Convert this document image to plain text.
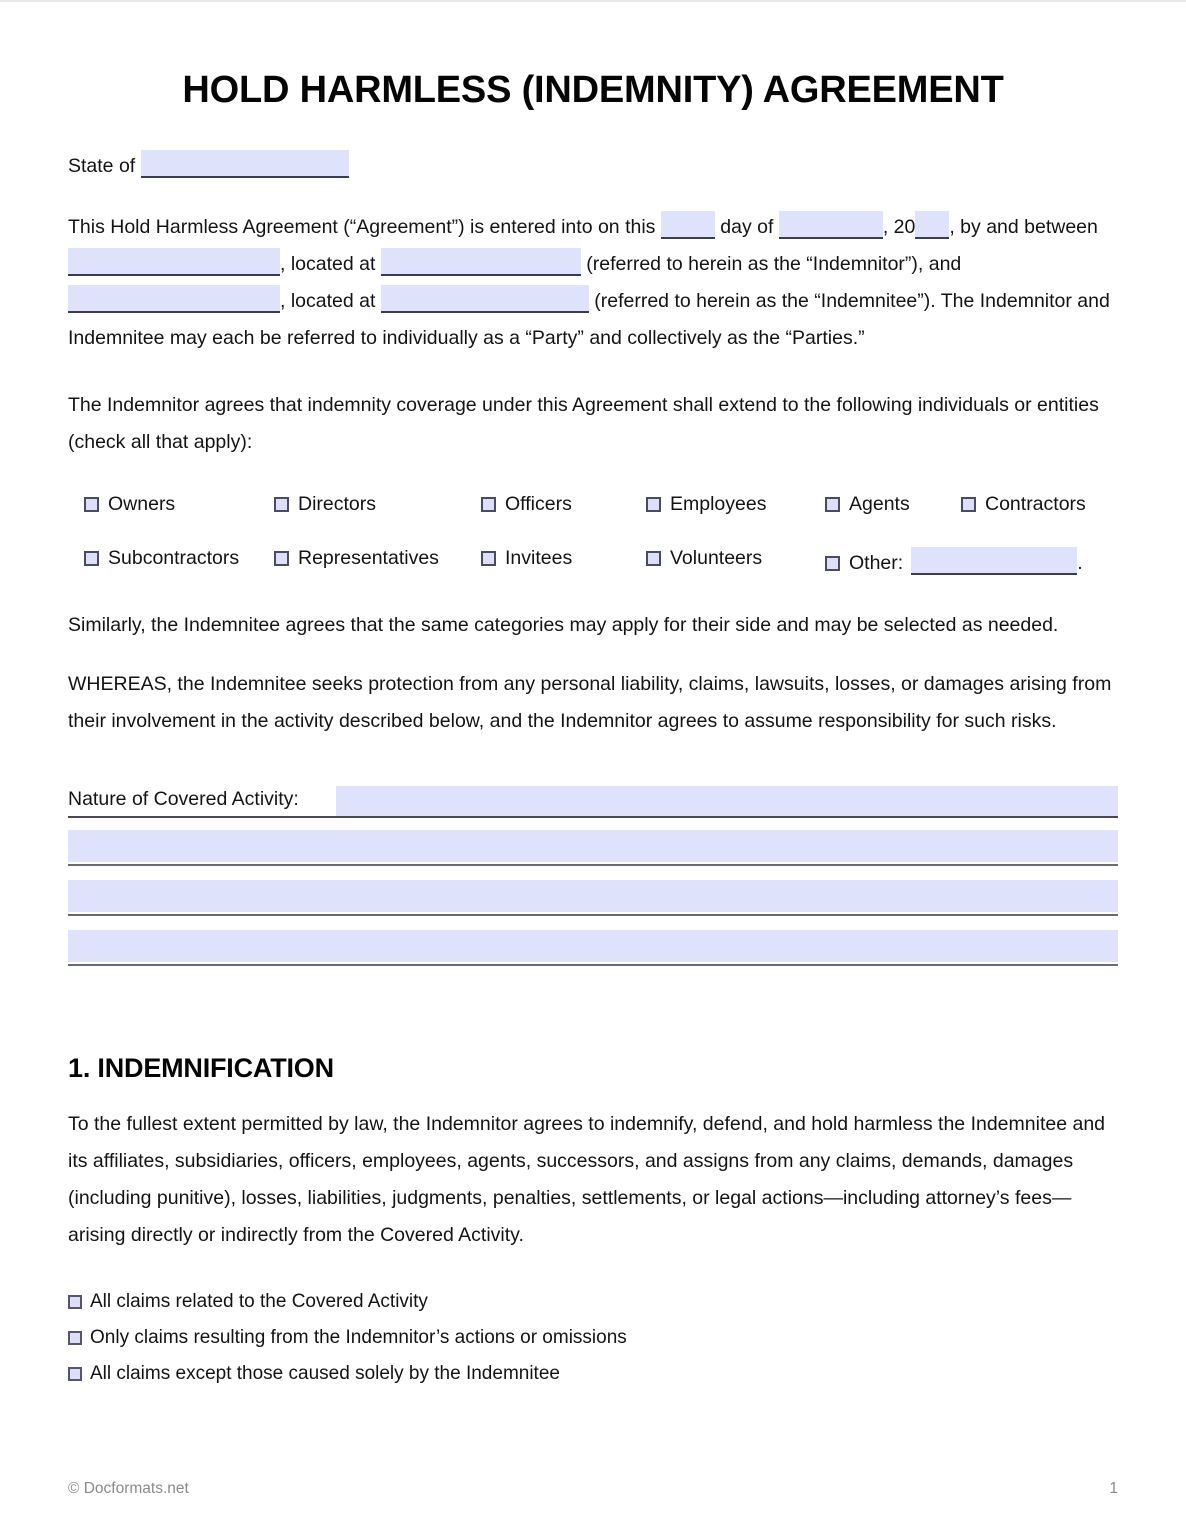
HOLD HARMLESS (INDEMNITY) AGREEMENT
State of

This Hold Harmless Agreement (“Agreement”) is entered into on this	day of	, 20 , by and between , located at	(referred to herein as the “Indemnitor”), and , located at	(referred to herein as the “Indemnitee”). The Indemnitor and Indemnitee may each be referred to individually as a “Party” and collectively as the “Parties.”

The Indemnitor agrees that indemnity coverage under this Agreement shall extend to the following individuals or entities (check all that apply):

Owners	Directors	Officers	Employees	Agents	Contractors
Subcontractors	Representatives	Invitees	Volunteers	Other:	.

Similarly, the Indemnitee agrees that the same categories may apply for their side and may be selected as needed.

WHEREAS, the Indemnitee seeks protection from any personal liability, claims, lawsuits, losses, or damages arising from their involvement in the activity described below, and the Indemnitor agrees to assume responsibility for such risks.

Nature of Covered Activity:
1. INDEMNIFICATION

To the fullest extent permitted by law, the Indemnitor agrees to indemnify, defend, and hold harmless the Indemnitee and its affiliates, subsidiaries, officers, employees, agents, successors, and assigns from any claims, demands, damages (including punitive), losses, liabilities, judgments, penalties, settlements, or legal actions—including attorney’s fees—arising directly or indirectly from the Covered Activity.

All claims related to the Covered Activity
Only claims resulting from the Indemnitor’s actions or omissions
All claims except those caused solely by the Indemnitee
© Docformats.net	1
